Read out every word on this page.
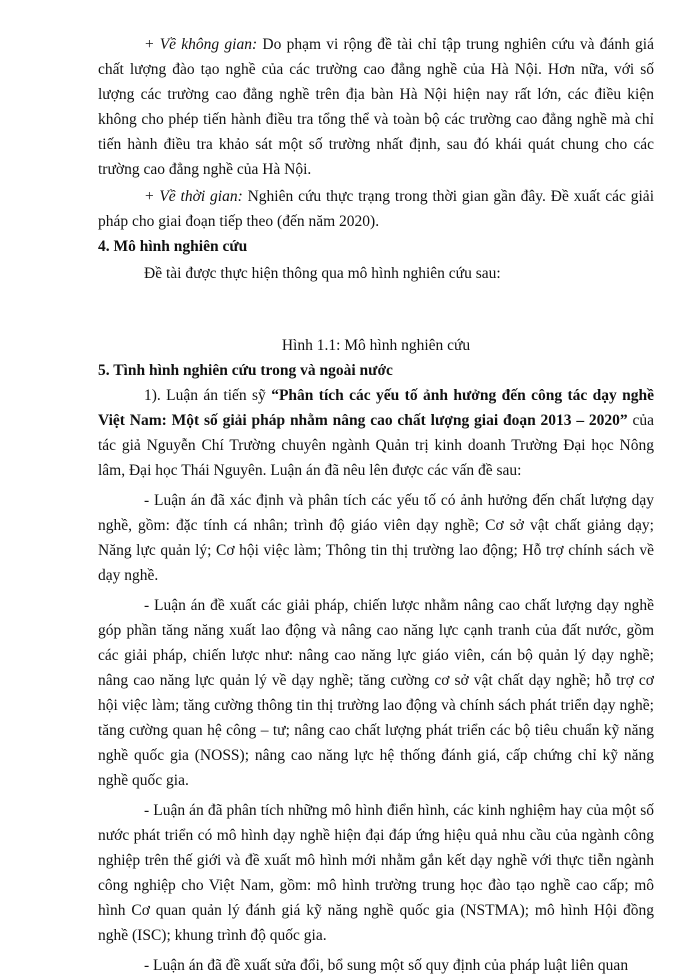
+ Về không gian: Do phạm vi rộng đề tài chỉ tập trung nghiên cứu và đánh giá chất lượng đào tạo nghề của các trường cao đẳng nghề của Hà Nội. Hơn nữa, với số lượng các trường cao đẳng nghề trên địa bàn Hà Nội hiện nay rất lớn, các điều kiện không cho phép tiến hành điều tra tổng thể và toàn bộ các trường cao đẳng nghề mà chỉ tiến hành điều tra khảo sát một số trường nhất định, sau đó khái quát chung cho các trường cao đẳng nghề của Hà Nội.

+ Về thời gian: Nghiên cứu thực trạng trong thời gian gần đây. Đề xuất các giải pháp cho giai đoạn tiếp theo (đến năm 2020).

4. Mô hình nghiên cứu

Đề tài được thực hiện thông qua mô hình nghiên cứu sau:

Hình 1.1: Mô hình nghiên cứu

5. Tình hình nghiên cứu trong và ngoài nước

1). Luận án tiến sỹ “Phân tích các yếu tố ảnh hưởng đến công tác dạy nghề Việt Nam: Một số giải pháp nhằm nâng cao chất lượng giai đoạn 2013 – 2020” của tác giả Nguyễn Chí Trường chuyên ngành Quản trị kinh doanh Trường Đại học Nông lâm, Đại học Thái Nguyên. Luận án đã nêu lên được các vấn đề sau:

- Luận án đã xác định và phân tích các yếu tố có ảnh hưởng đến chất lượng dạy nghề, gồm: đặc tính cá nhân; trình độ giáo viên dạy nghề; Cơ sở vật chất giảng dạy; Năng lực quản lý; Cơ hội việc làm; Thông tin thị trường lao động; Hỗ trợ chính sách về dạy nghề.

- Luận án đề xuất các giải pháp, chiến lược nhằm nâng cao chất lượng dạy nghề góp phần tăng năng xuất lao động và nâng cao năng lực cạnh tranh của đất nước, gồm các giải pháp, chiến lược như: nâng cao năng lực giáo viên, cán bộ quản lý dạy nghề; nâng cao năng lực quản lý về dạy nghề; tăng cường cơ sở vật chất dạy nghề; hỗ trợ cơ hội việc làm; tăng cường thông tin thị trường lao động và chính sách phát triển dạy nghề; tăng cường quan hệ công – tư; nâng cao chất lượng phát triển các bộ tiêu chuẩn kỹ năng nghề quốc gia (NOSS); nâng cao năng lực hệ thống đánh giá, cấp chứng chỉ kỹ năng nghề quốc gia.

- Luận án đã phân tích những mô hình điển hình, các kinh nghiệm hay của một số nước phát triển có mô hình dạy nghề hiện đại đáp ứng hiệu quả nhu cầu của ngành công nghiệp trên thế giới và đề xuất mô hình mới nhằm gắn kết dạy nghề với thực tiễn ngành công nghiệp cho Việt Nam, gồm: mô hình trường trung học đào tạo nghề cao cấp; mô hình Cơ quan quản lý đánh giá kỹ năng nghề quốc gia (NSTMA); mô hình Hội đồng nghề (ISC); khung trình độ quốc gia.

- Luận án đã đề xuất sửa đổi, bổ sung một số quy định của pháp luật liên quan
